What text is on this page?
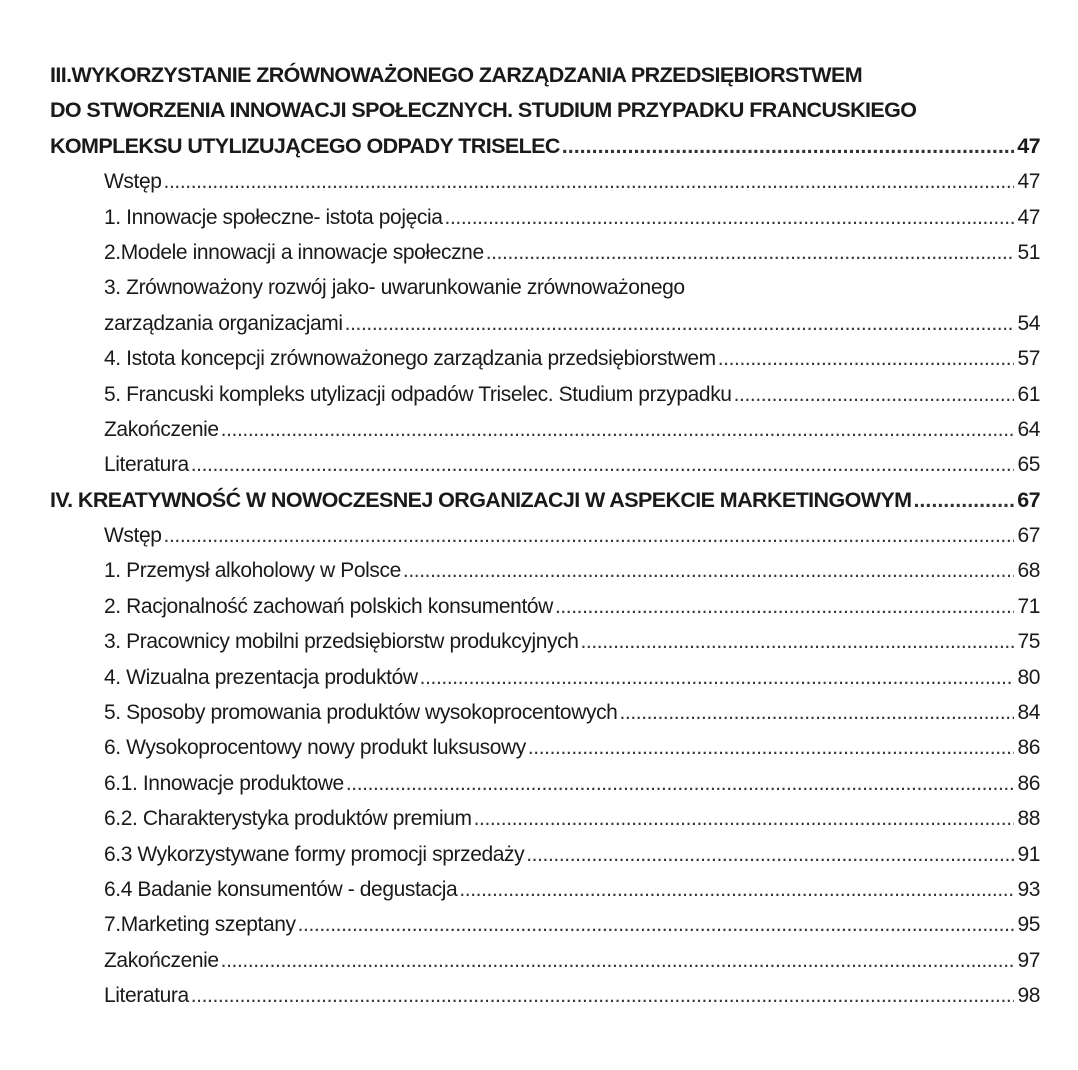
III.WYKORZYSTANIE ZRÓWNOWAŻONEGO ZARZĄDZANIA PRZEDSIĘBIORSTWEM
DO STWORZENIA INNOWACJI SPOŁECZNYCH. STUDIUM PRZYPADKU FRANCUSKIEGO
KOMPLEKSU UTYLIZUJĄCEGO ODPADY TRISELEC .....	47
Wstęp .....	47
1. Innowacje społeczne- istota pojęcia .....	47
2.Modele innowacji a innowacje społeczne .....	51
3. Zrównoważony rozwój jako- uwarunkowanie zrównoważonego
zarządzania organizacjami .....	54
4. Istota koncepcji zrównoważonego zarządzania przedsiębiorstwem .....	57
5. Francuski kompleks utylizacji odpadów Triselec. Studium przypadku .....	61
Zakończenie .....	64
Literatura .....	65
IV. KREATYWNOŚĆ W NOWOCZESNEJ ORGANIZACJI W ASPEKCIE MARKETINGOWYM .....	67
Wstęp .....	67
1. Przemysł alkoholowy w Polsce .....	68
2. Racjonalność zachowań polskich konsumentów .....	71
3. Pracownicy mobilni przedsiębiorstw produkcyjnych .....	75
4. Wizualna prezentacja produktów .....	80
5. Sposoby promowania produktów wysokoprocentowych .....	84
6. Wysokoprocentowy nowy produkt luksusowy .....	86
6.1. Innowacje produktowe .....	86
6.2. Charakterystyka produktów premium .....	88
6.3 Wykorzystywane formy promocji sprzedaży .....	91
6.4 Badanie konsumentów - degustacja .....	93
7.Marketing szeptany .....	95
Zakończenie .....	97
Literatura .....	98
